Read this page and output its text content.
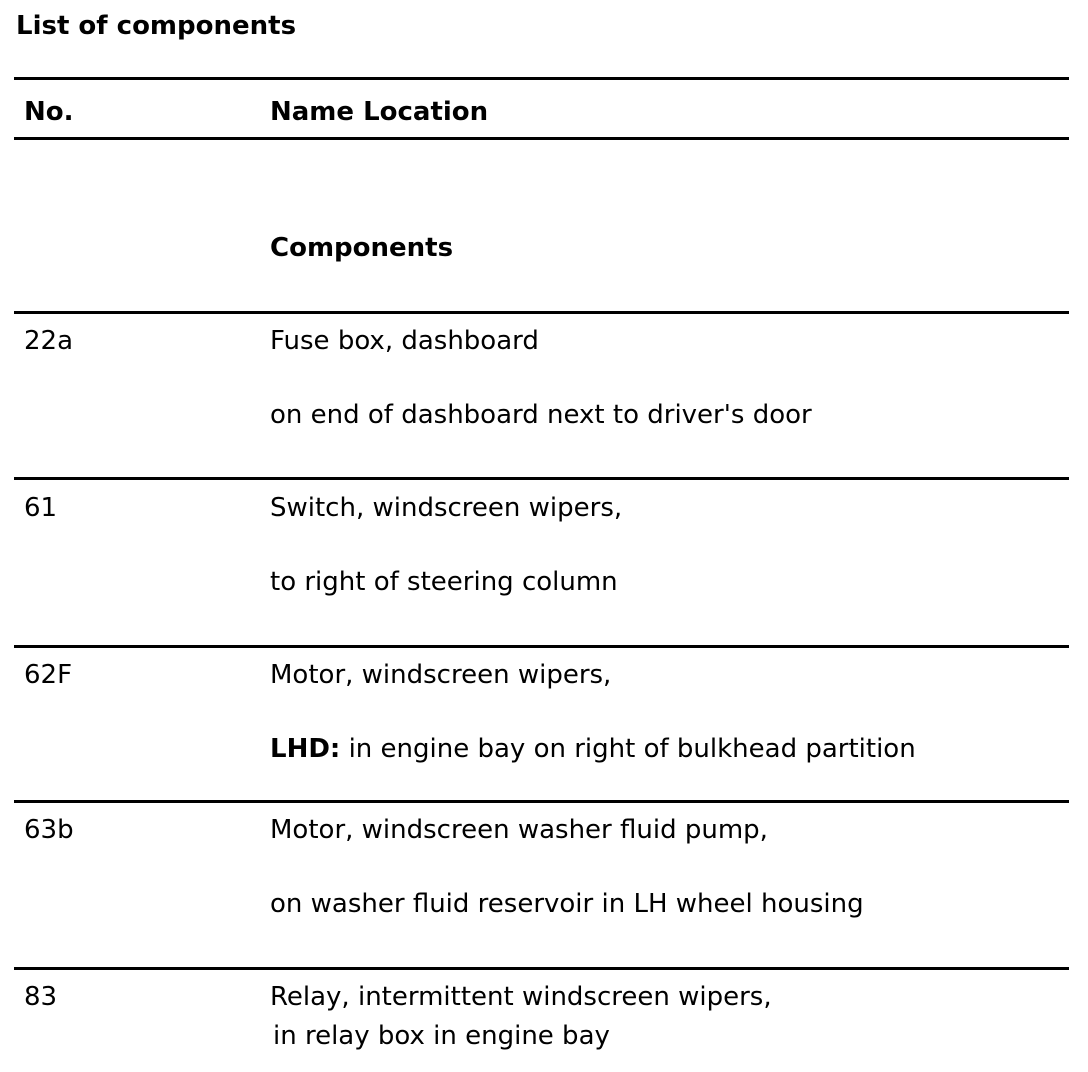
List of components
No.	Name Location
Components
22a	Fuse box, dashboard
on end of dashboard next to driver's door
61	Switch, windscreen wipers,
to right of steering column
62F	Motor, windscreen wipers,
LHD: in engine bay on right of bulkhead partition
63b	Motor, windscreen washer fluid pump,
on washer fluid reservoir in LH wheel housing
83	Relay, intermittent windscreen wipers,
in relay box in engine bay
